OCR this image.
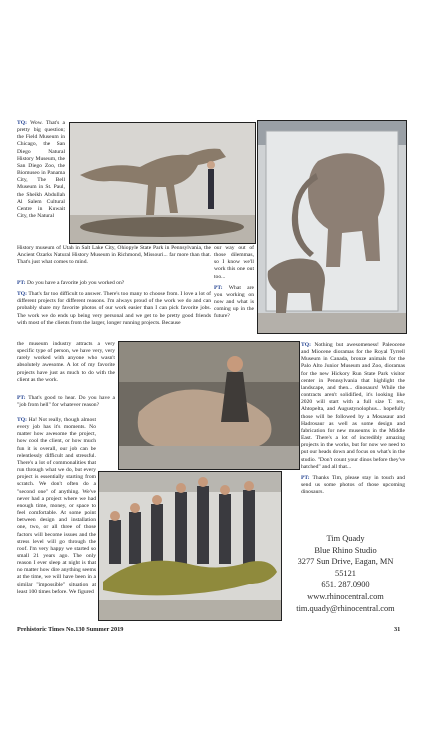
TQ: Wow. That's a pretty big question; the Field Museum in Chicago, the San Diego Natural History Museum, the San Diego Zoo, the Biomuseo in Panama City, The Bell Museum in St. Paul, the Sheikh Abdullah Al Salem Cultural Centre in Kuwait City, the Natural
History museum of Utah in Salt Lake City, Ohiopyle State Park in Pennsylvania, the Ancient Ozarks Natural History Museum in Richmond, Missouri... far more than that. That's just what comes to mind.

our way out of those dilemmas, so I know we'll work this one out too...

PT: What are you working on now and what is coming up in the future?

PT: Do you have a favorite job you worked on?

TQ: That's far too difficult to answer. There's too many to choose from. I love a lot of different projects for different reasons. I'm always proud of the work we do and can probably share my favorite photos of our work easier than I can pick favorite jobs. The work we do ends up being very personal and we get to be pretty good friends with most of the clients from the larger, longer running projects. Because

the museum industry attracts a very specific type of person, we have very, very rarely worked with anyone who wasn't absolutely awesome. A lot of my favorite projects have just as much to do with the client as the work.

TQ: Nothing but awesomeness! Paleocene and Miocene dioramas for the Royal Tyrrell Museum in Canada, bronze animals for the Palo Alto Junior Museum and Zoo, dioramas for the new Hickory Run State Park visitor center in Pennsylvania that highlight the landscape, and then... dinosaurs! While the contracts aren't solidified, it's looking like 2020 will start with a full size T. rex, Ahtopelta, and Augustynolophus... hopefully those will be followed by a Mosasaur and Hadrosaur as well as some design and fabrication for new museums in the Middle East. There's a lot of incredibly amazing projects in the works, but for now we need to put our heads down and focus on what's in the studio. "Don't count your dinos before they've hatched" and all that...

PT: Thanks Tim, please stay in touch and send us some photos of those upcoming dinosaurs.

PT: That's good to hear. Do you have a "job from hell" for whatever reason?

TQ: Ha! Not really, though almost every job has it's moments. No matter how awesome the project, how cool the client, or how much fun it is overall, our job can be relentlessly difficult and stressful. There's a lot of commonalities that run through what we do, but every project is essentially starting from scratch. We don't often do a "second one" of anything. We've never had a project where we had enough time, money, or space to feel comfortable. At some point between design and installation one, two, or all three of those factors will become issues and the stress level will go through the roof. I'm very happy we started so small 21 years ago. The only reason I ever sleep at night is that no matter how dire anything seems at the time, we will have been in a similar "impossible" situation at least 100 times before. We figured
Tim Quady
Blue Rhino Studio
3277 Sun Drive, Eagan, MN
55121
651. 287.0900
www.rhinocentral.com
tim.quady@rhinocentral.com
Prehistoric Times No.130 Summer 2019	31
